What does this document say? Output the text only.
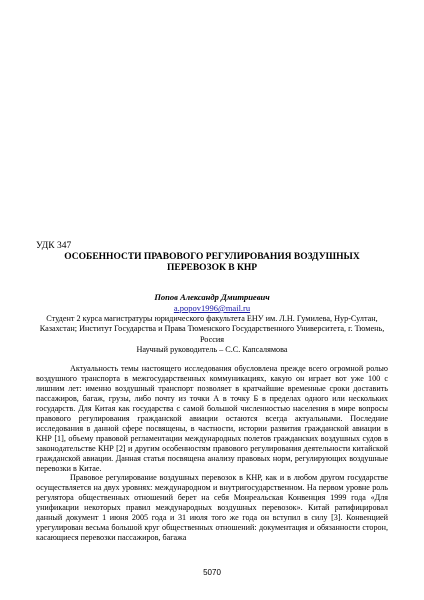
УДК 347
ОСОБЕННОСТИ ПРАВОВОГО РЕГУЛИРОВАНИЯ ВОЗДУШНЫХ ПЕРЕВОЗОК В КНР
Попов Александр Дмитриевич
a.popov1996@mail.ru
Студент 2 курса магистратуры юридического факультета ЕНУ им. Л.Н. Гумилева, Нур-Султан, Казахстан; Институт Государства и Права Тюменского Государственного Университета, г. Тюмень, Россия
Научный руководитель – С.С. Капсалямова

Актуальность темы настоящего исследования обусловлена прежде всего огромной ролью воздушного транспорта в межгосударственных коммуникациях, какую он играет вот уже 100 с лишним лет: именно воздушный транспорт позволяет в кратчайшие временные сроки доставить пассажиров, багаж, грузы, либо почту из точки А в точку Б в пределах одного или нескольких государств. Для Китая как государства с самой большой численностью населения в мире вопросы правового регулирования гражданской авиации остаются всегда актуальными. Последние исследования в данной сфере посвящены, в частности, истории развития гражданской авиации в КНР [1], объему правовой регламентации международных полетов гражданских воздушных судов в законодательстве КНР [2] и другим особенностям правового регулирования деятельности китайской гражданской авиации. Данная статья посвящена анализу правовых норм, регулирующих воздушные перевозки в Китае.

Правовое регулирование воздушных перевозок в КНР, как и в любом другом государстве осуществляется на двух уровнях: международном и внутригосударственном. На первом уровне роль регулятора общественных отношений берет на себя Монреальская Конвенция 1999 года «Для унификации некоторых правил международных воздушных перевозок». Китай ратифицировал данный документ 1 июня 2005 года и 31 июля того же года он вступил в силу [3]. Конвенцией урегулирован весьма большой круг общественных отношений: документация и обязанности сторон, касающиеся перевозки пассажиров, багажа

5070
